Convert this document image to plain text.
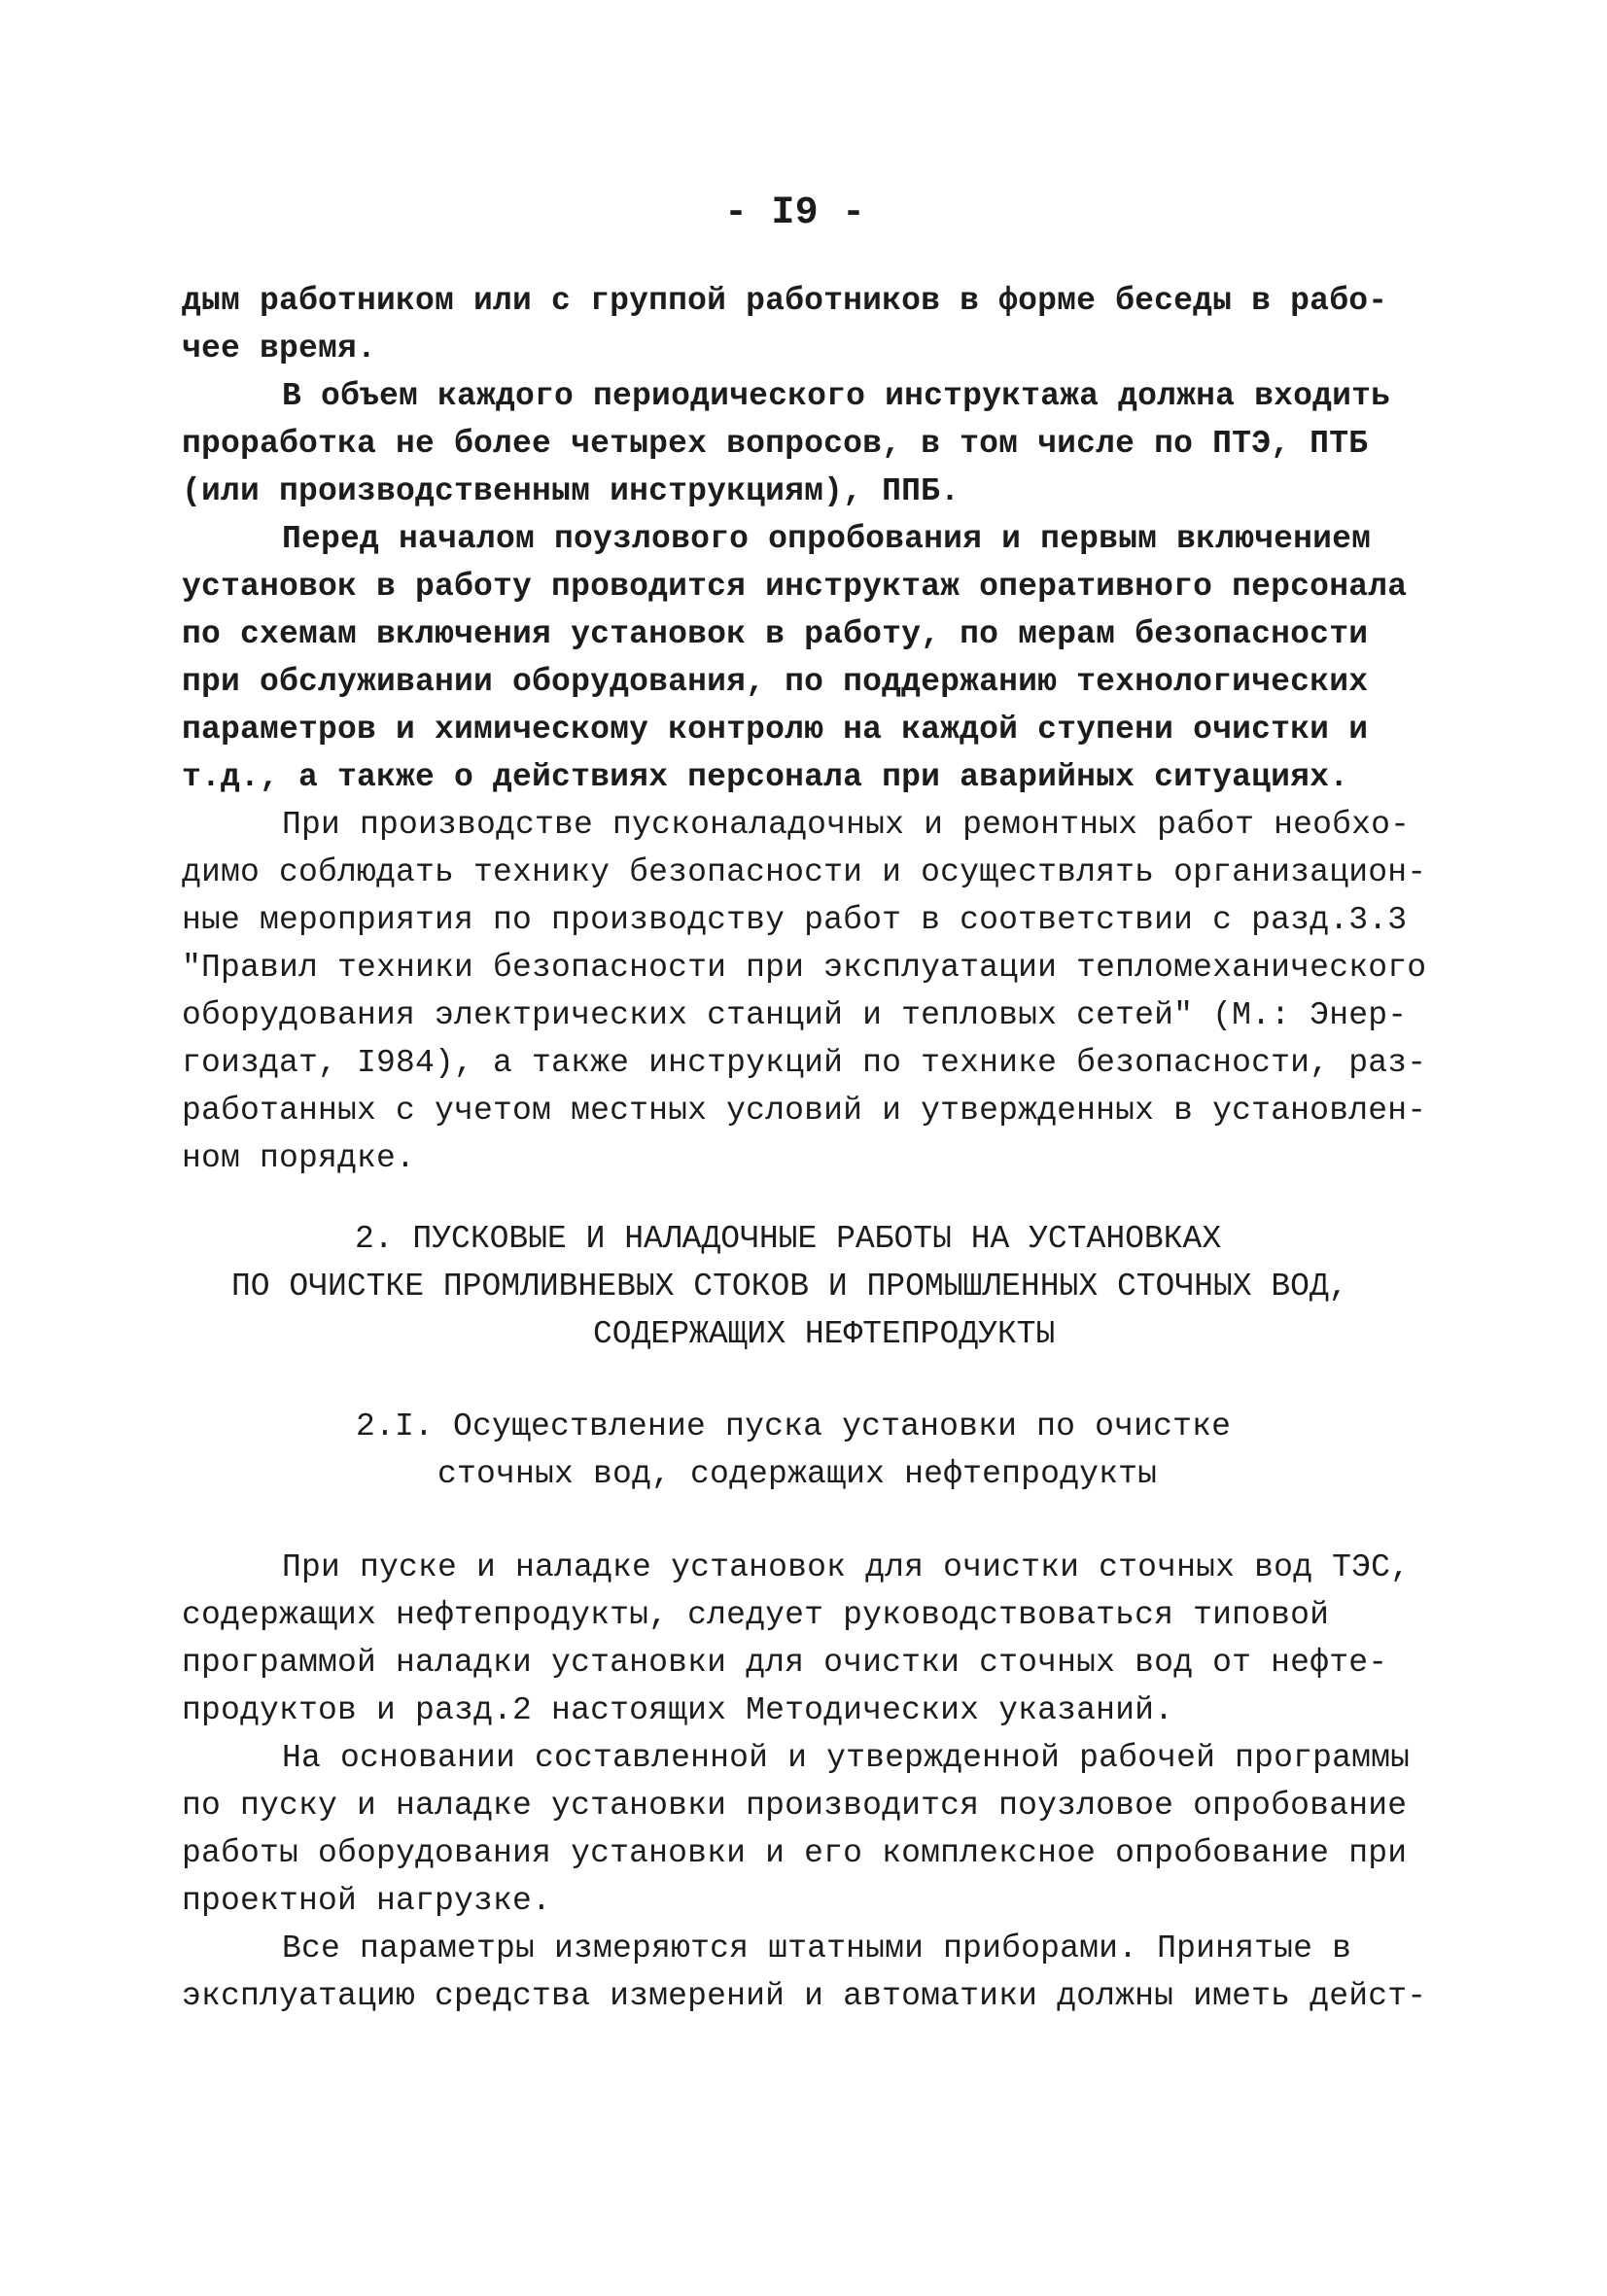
- I9 -
дым работником или с группой работников в форме беседы в рабо-
чее время.
В объем каждого периодического инструктажа должна входить
проработка не более четырех вопросов, в том числе по ПТЭ, ПТБ
(или производственным инструкциям), ППБ.
Перед началом поузлового опробования и первым включением
установок в работу проводится инструктаж оперативного персонала
по схемам включения установок в работу, по мерам безопасности
при обслуживании оборудования, по поддержанию технологических
параметров и химическому контролю на каждой ступени очистки и
т.д., а также о действиях персонала при аварийных ситуациях.
При производстве пусконаладочных и ремонтных работ необхо-
димо соблюдать технику безопасности и осуществлять организацион-
ные мероприятия по производству работ в соответствии с разд.3.3
"Правил техники безопасности при эксплуатации тепломеханического
оборудования электрических станций и тепловых сетей" (М.: Энер-
гоиздат, I984), а также инструкций по технике безопасности, раз-
работанных с учетом местных условий и утвержденных в установлен-
ном порядке.
2. ПУСКОВЫЕ И НАЛАДОЧНЫЕ РАБОТЫ НА УСТАНОВКАХ
ПО ОЧИСТКЕ ПРОМЛИВНЕВЫХ СТОКОВ И ПРОМЫШЛЕННЫХ СТОЧНЫХ ВОД,
СОДЕРЖАЩИХ НЕФТЕПРОДУКТЫ
2.I. Осуществление пуска установки по очистке
сточных вод, содержащих нефтепродукты
При пуске и наладке установок для очистки сточных вод ТЭС,
содержащих нефтепродукты, следует руководствоваться типовой
программой наладки установки для очистки сточных вод от нефте-
продуктов и разд.2 настоящих Методических указаний.
На основании составленной и утвержденной рабочей программы
по пуску и наладке установки производится поузловое опробование
работы оборудования установки и его комплексное опробование при
проектной нагрузке.
Все параметры измеряются штатными приборами. Принятые в
эксплуатацию средства измерений и автоматики должны иметь дейст-
